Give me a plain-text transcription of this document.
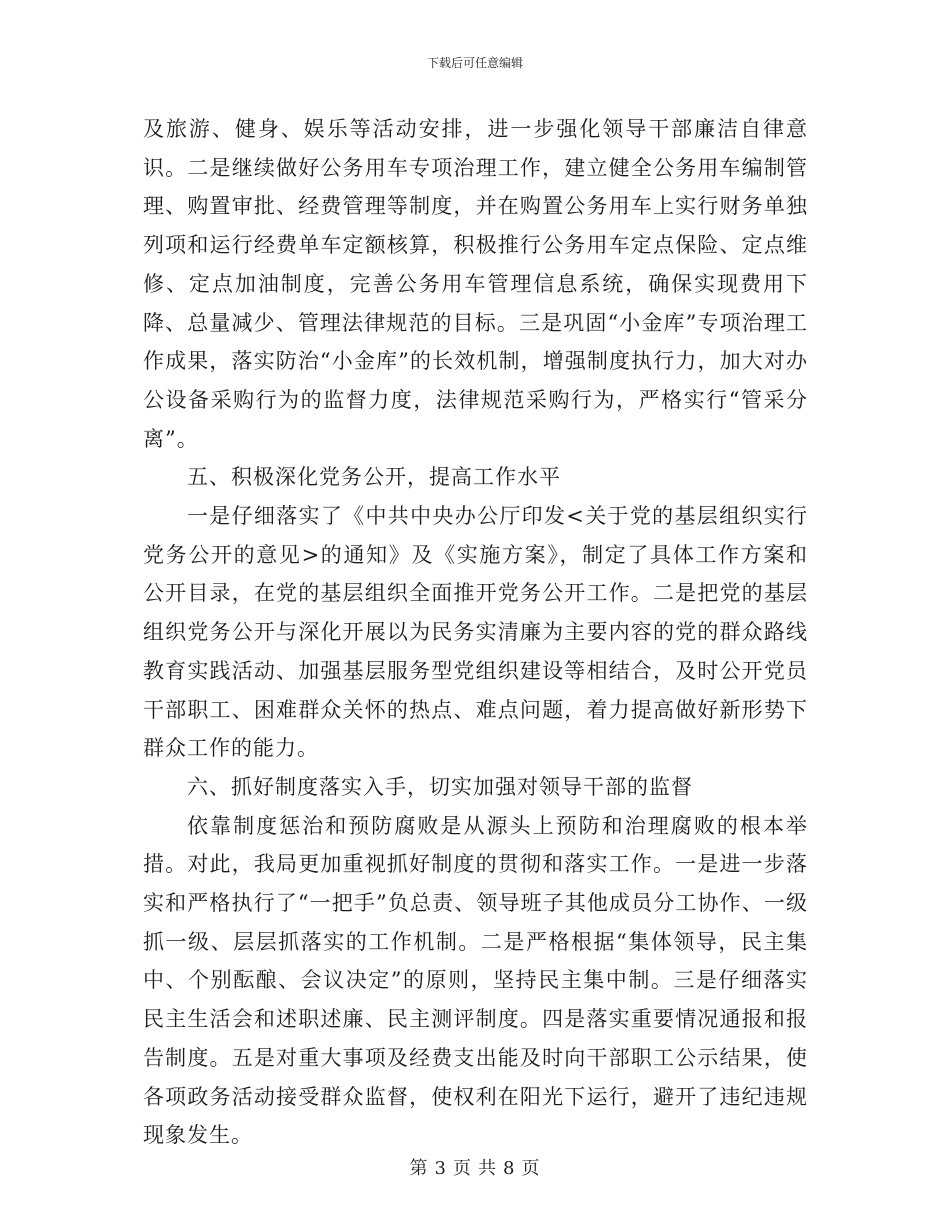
下载后可任意编辑

及旅游、健身、娱乐等活动安排，进一步强化领导干部廉洁自律意识。二是继续做好公务用车专项治理工作，建立健全公务用车编制管理、购置审批、经费管理等制度，并在购置公务用车上实行财务单独列项和运行经费单车定额核算，积极推行公务用车定点保险、定点维修、定点加油制度，完善公务用车管理信息系统，确保实现费用下降、总量减少、管理法律规范的目标。三是巩固“小金库”专项治理工作成果，落实防治“小金库”的长效机制，增强制度执行力，加大对办公设备采购行为的监督力度，法律规范采购行为，严格实行“管采分离”。

五、积极深化党务公开，提高工作水平

一是仔细落实了《中共中央办公厅印发<关于党的基层组织实行党务公开的意见>的通知》及《实施方案》，制定了具体工作方案和公开目录，在党的基层组织全面推开党务公开工作。二是把党的基层组织党务公开与深化开展以为民务实清廉为主要内容的党的群众路线教育实践活动、加强基层服务型党组织建设等相结合，及时公开党员干部职工、困难群众关怀的热点、难点问题，着力提高做好新形势下群众工作的能力。

六、抓好制度落实入手，切实加强对领导干部的监督

依靠制度惩治和预防腐败是从源头上预防和治理腐败的根本举措。对此，我局更加重视抓好制度的贯彻和落实工作。一是进一步落实和严格执行了“一把手”负总责、领导班子其他成员分工协作、一级抓一级、层层抓落实的工作机制。二是严格根据“集体领导，民主集中、个别酝酿、会议决定”的原则，坚持民主集中制。三是仔细落实民主生活会和述职述廉、民主测评制度。四是落实重要情况通报和报告制度。五是对重大事项及经费支出能及时向干部职工公示结果，使各项政务活动接受群众监督，使权利在阳光下运行，避开了违纪违规现象发生。

第 3 页 共 8 页
